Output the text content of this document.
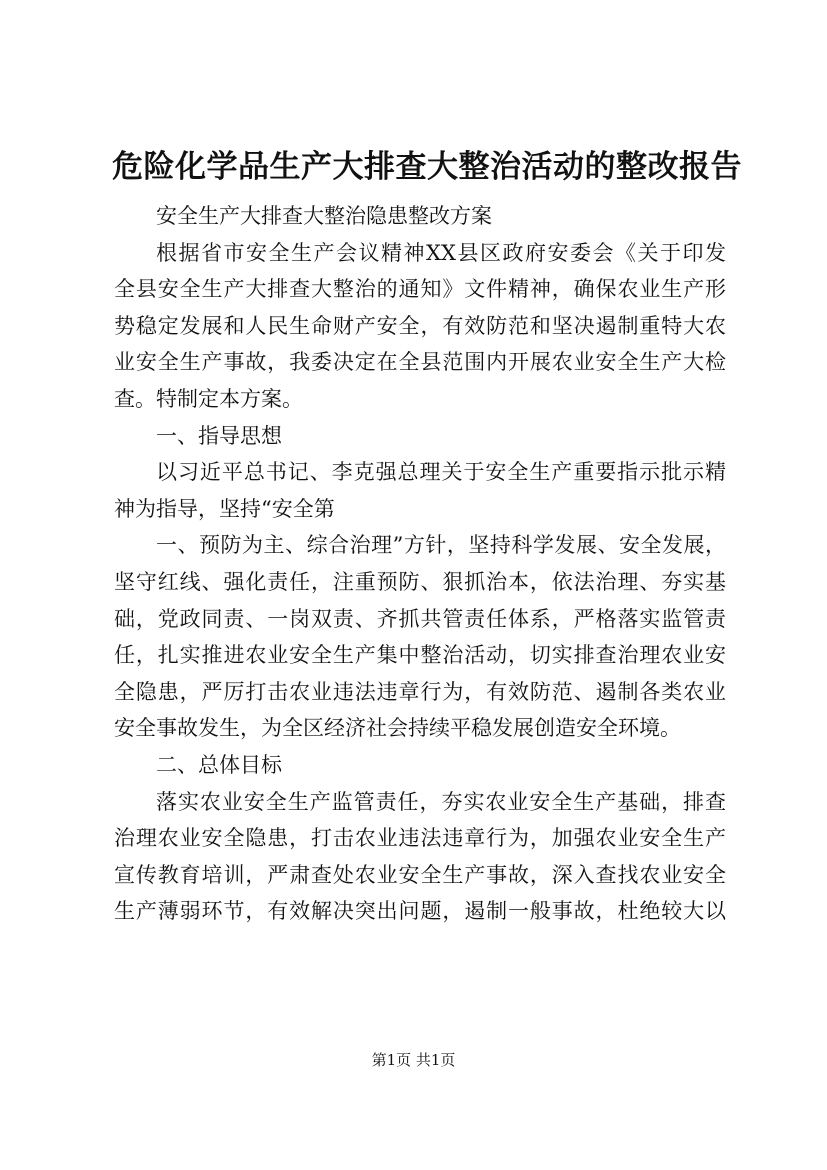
危险化学品生产大排查大整治活动的整改报告
安全生产大排查大整治隐患整改方案
根据省市安全生产会议精神XX县区政府安委会《关于印发
全县安全生产大排查大整治的通知》文件精神，确保农业生产形
势稳定发展和人民生命财产安全，有效防范和坚决遏制重特大农
业安全生产事故，我委决定在全县范围内开展农业安全生产大检
查。特制定本方案。
一、指导思想
以习近平总书记、李克强总理关于安全生产重要指示批示精
神为指导，坚持“安全第
一、预防为主、综合治理”方针，坚持科学发展、安全发展，
坚守红线、强化责任，注重预防、狠抓治本，依法治理、夯实基
础，党政同责、一岗双责、齐抓共管责任体系，严格落实监管责
任，扎实推进农业安全生产集中整治活动，切实排查治理农业安
全隐患，严厉打击农业违法违章行为，有效防范、遏制各类农业
安全事故发生，为全区经济社会持续平稳发展创造安全环境。
二、总体目标
落实农业安全生产监管责任，夯实农业安全生产基础，排查
治理农业安全隐患，打击农业违法违章行为，加强农业安全生产
宣传教育培训，严肃查处农业安全生产事故，深入查找农业安全
生产薄弱环节，有效解决突出问题，遏制一般事故，杜绝较大以
第1页 共1页
